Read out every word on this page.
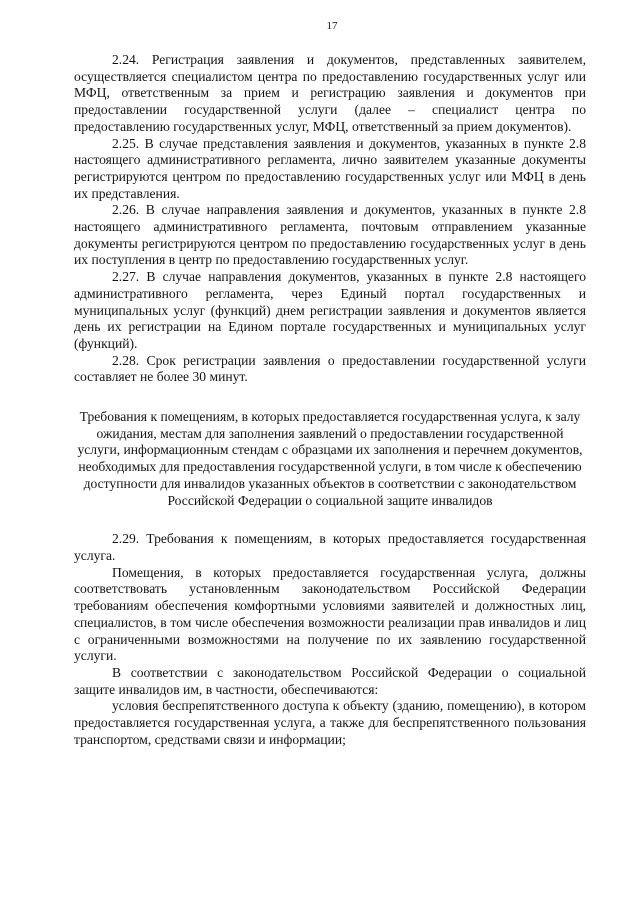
17

2.24. Регистрация заявления и документов, представленных заявителем, осуществляется специалистом центра по предоставлению государственных услуг или МФЦ, ответственным за прием и регистрацию заявления и документов при предоставлении государственной услуги (далее – специалист центра по предоставлению государственных услуг, МФЦ, ответственный за прием документов).

2.25. В случае представления заявления и документов, указанных в пункте 2.8 настоящего административного регламента, лично заявителем указанные документы регистрируются центром по предоставлению государственных услуг или МФЦ в день их представления.

2.26. В случае направления заявления и документов, указанных в пункте 2.8 настоящего административного регламента, почтовым отправлением указанные документы регистрируются центром по предоставлению государственных услуг в день их поступления в центр по предоставлению государственных услуг.

2.27. В случае направления документов, указанных в пункте 2.8 настоящего административного регламента, через Единый портал государственных и муниципальных услуг (функций) днем регистрации заявления и документов является день их регистрации на Едином портале государственных и муниципальных услуг (функций).

2.28. Срок регистрации заявления о предоставлении государственной услуги составляет не более 30 минут.

Требования к помещениям, в которых предоставляется государственная услуга, к залу ожидания, местам для заполнения заявлений о предоставлении государственной услуги, информационным стендам с образцами их заполнения и перечнем документов, необходимых для предоставления государственной услуги, в том числе к обеспечению доступности для инвалидов указанных объектов в соответствии с законодательством Российской Федерации о социальной защите инвалидов

2.29. Требования к помещениям, в которых предоставляется государственная услуга.

Помещения, в которых предоставляется государственная услуга, должны соответствовать установленным законодательством Российской Федерации требованиям обеспечения комфортными условиями заявителей и должностных лиц, специалистов, в том числе обеспечения возможности реализации прав инвалидов и лиц с ограниченными возможностями на получение по их заявлению государственной услуги.

В соответствии с законодательством Российской Федерации о социальной защите инвалидов им, в частности, обеспечиваются:

условия беспрепятственного доступа к объекту (зданию, помещению), в котором предоставляется государственная услуга, а также для беспрепятственного пользования транспортом, средствами связи и информации;
